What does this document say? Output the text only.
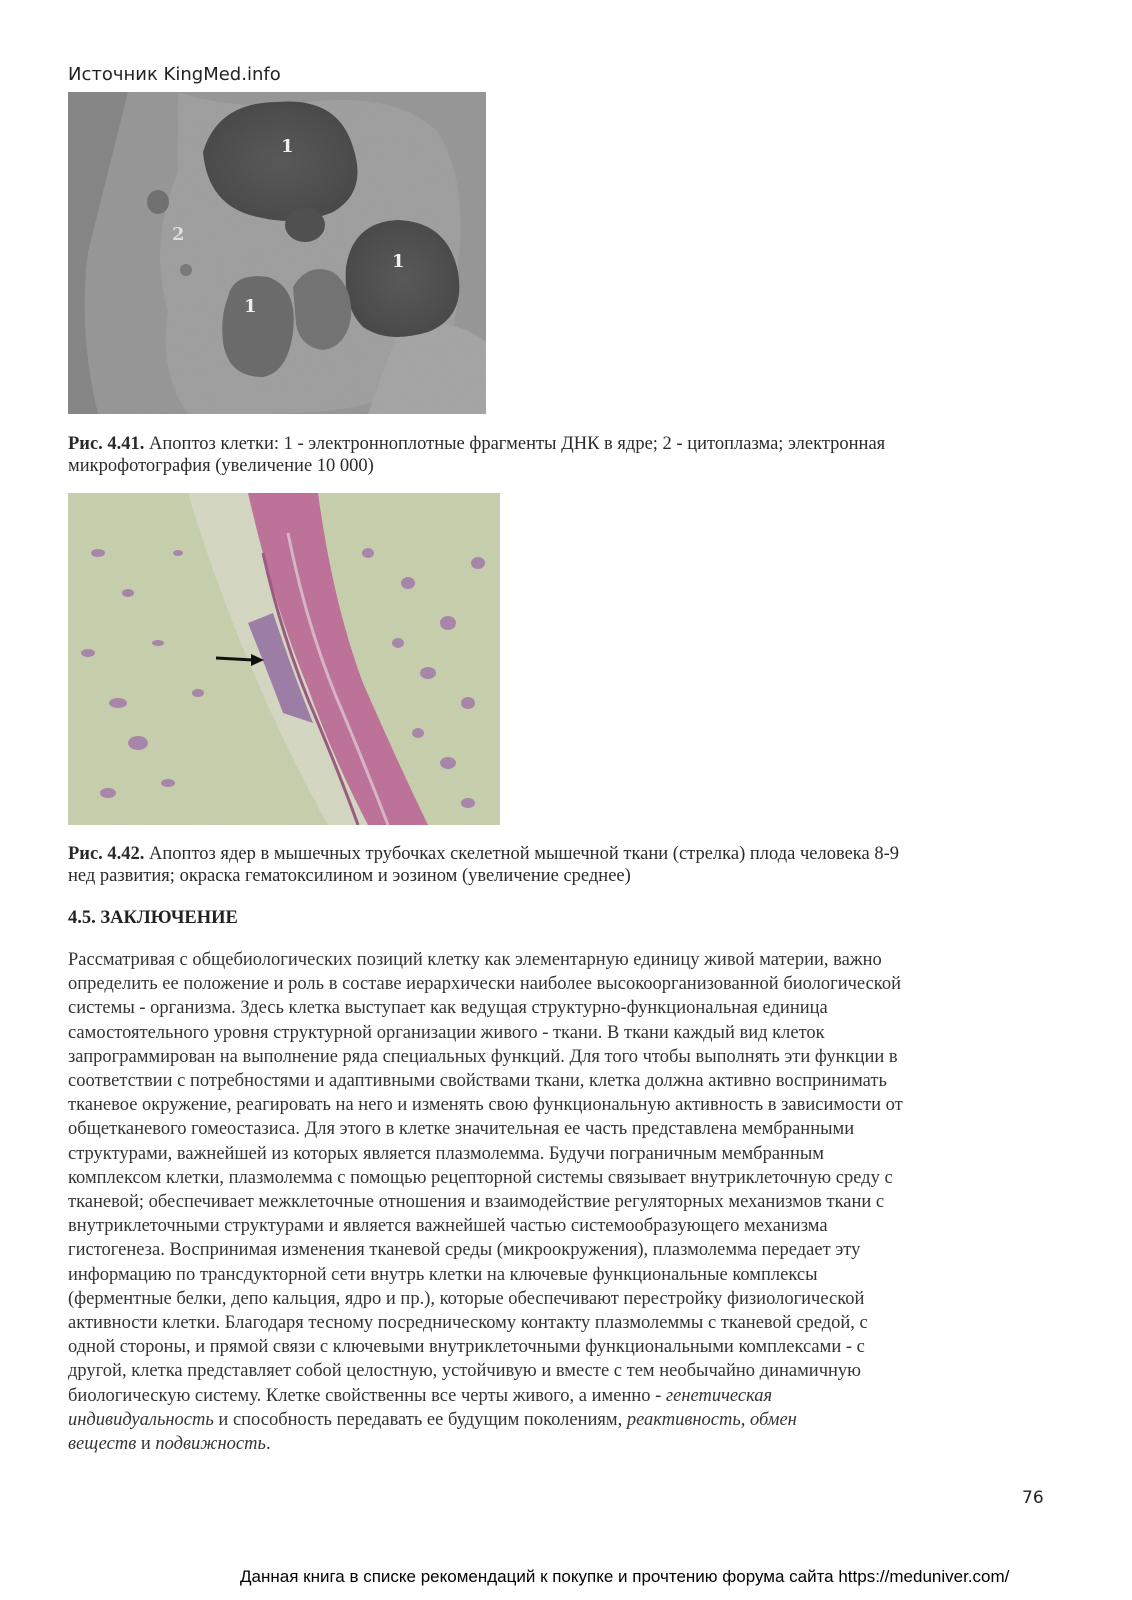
Источник KingMed.info
1
1
1
2
Рис. 4.41. Апоптоз клетки: 1 - электронноплотные фрагменты ДНК в ядре; 2 - цитоплазма; электронная
микрофотография (увеличение 10 000)
Рис. 4.42. Апоптоз ядер в мышечных трубочках скелетной мышечной ткани (стрелка) плода человека 8-9
нед развития; окраска гематоксилином и эозином (увеличение среднее)
4.5. ЗАКЛЮЧЕНИЕ
Рассматривая с общебиологических позиций клетку как элементарную единицу живой материи, важно
определить ее положение и роль в составе иерархически наиболее высокоорганизованной биологической
системы - организма. Здесь клетка выступает как ведущая структурно-функциональная единица
самостоятельного уровня структурной организации живого - ткани. В ткани каждый вид клеток
запрограммирован на выполнение ряда специальных функций. Для того чтобы выполнять эти функции в
соответствии с потребностями и адаптивными свойствами ткани, клетка должна активно воспринимать
тканевое окружение, реагировать на него и изменять свою функциональную активность в зависимости от
общетканевого гомеостазиса. Для этого в клетке значительная ее часть представлена мембранными
структурами, важнейшей из которых является плазмолемма. Будучи пограничным мембранным
комплексом клетки, плазмолемма с помощью рецепторной системы связывает внутриклеточную среду с
тканевой; обеспечивает межклеточные отношения и взаимодействие регуляторных механизмов ткани с
внутриклеточными структурами и является важнейшей частью системообразующего механизма
гистогенеза. Воспринимая изменения тканевой среды (микроокружения), плазмолемма передает эту
информацию по трансдукторной сети внутрь клетки на ключевые функциональные комплексы
(ферментные белки, депо кальция, ядро и пр.), которые обеспечивают перестройку физиологической
активности клетки. Благодаря тесному посредническому контакту плазмолеммы с тканевой средой, с
одной стороны, и прямой связи с ключевыми внутриклеточными функциональными комплексами - с
другой, клетка представляет собой целостную, устойчивую и вместе с тем необычайно динамичную
биологическую систему. Клетке свойственны все черты живого, а именно - генетическая
индивидуальность и способность передавать ее будущим поколениям, реактивность, обмен
веществ и подвижность.
76
Данная книга в списке рекомендаций к покупке и прочтению форума сайта https://meduniver.com/
